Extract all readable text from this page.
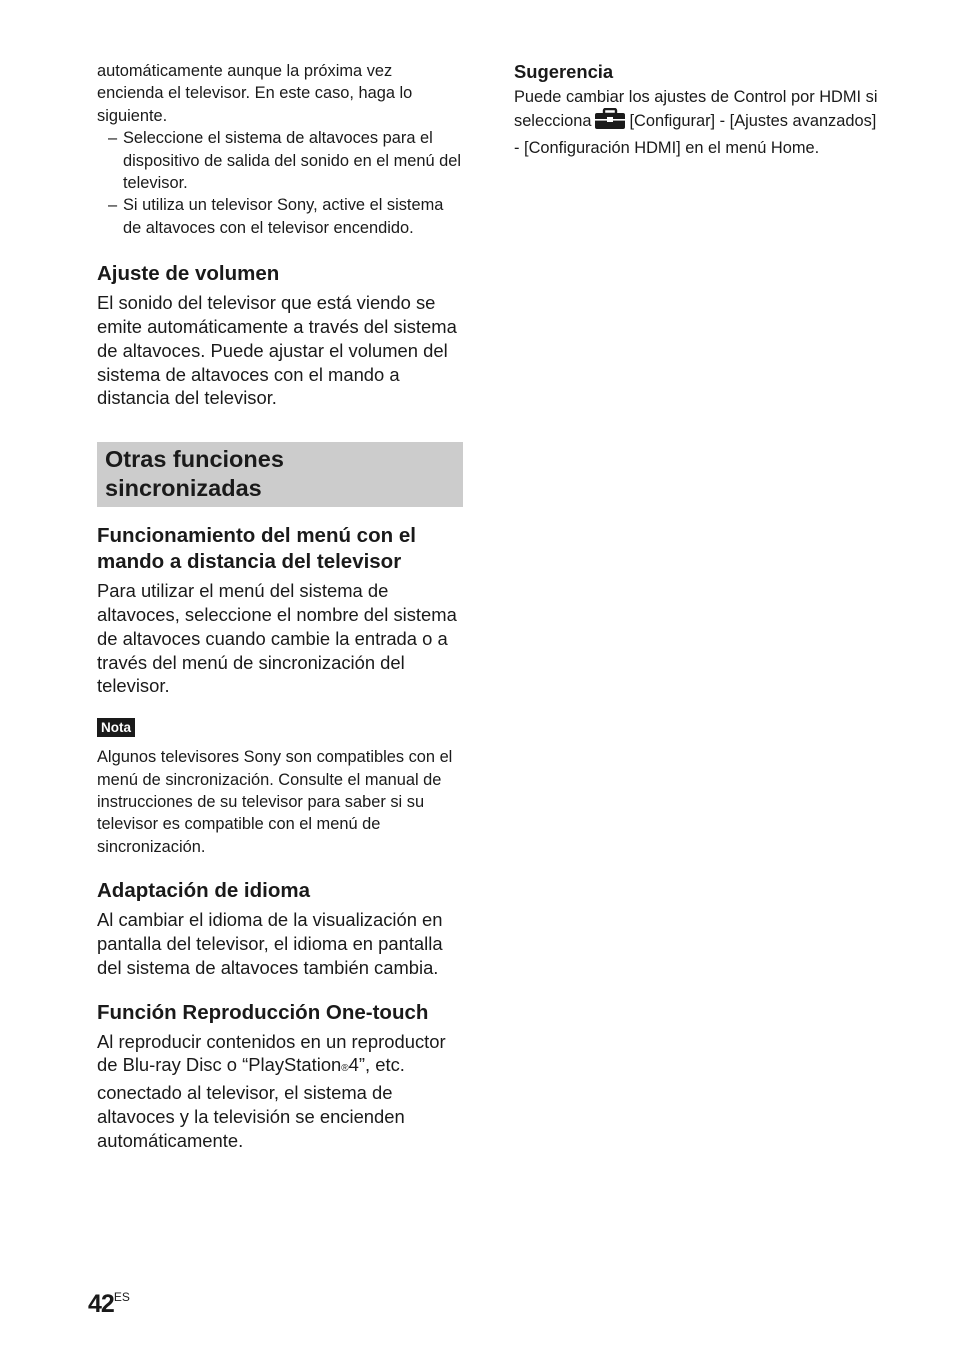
automáticamente aunque la próxima vez encienda el televisor. En este caso, haga lo siguiente.

– Seleccione el sistema de altavoces para el dispositivo de salida del sonido en el menú del televisor.
– Si utiliza un televisor Sony, active el sistema de altavoces con el televisor encendido.
Ajuste de volumen

El sonido del televisor que está viendo se emite automáticamente a través del sistema de altavoces. Puede ajustar el volumen del sistema de altavoces con el mando a distancia del televisor.

Otras funciones
sincronizadas
Funcionamiento del menú con el mando a distancia del televisor

Para utilizar el menú del sistema de altavoces, seleccione el nombre del sistema de altavoces cuando cambie la entrada o a través del menú de sincronización del televisor.

Nota

Algunos televisores Sony son compatibles con el menú de sincronización. Consulte el manual de instrucciones de su televisor para saber si su televisor es compatible con el menú de sincronización.

Adaptación de idioma

Al cambiar el idioma de la visualización en pantalla del televisor, el idioma en pantalla del sistema de altavoces también cambia.

Función Reproducción One-touch

Al reproducir contenidos en un reproductor de Blu-ray Disc o “PlayStation®4”, etc. conectado al televisor, el sistema de altavoces y la televisión se encienden automáticamente.

Sugerencia

Puede cambiar los ajustes de Control por HDMI si selecciona [Configurar] - [Ajustes avanzados] - [Configuración HDMI] en el menú Home.

$42^{ES}$
